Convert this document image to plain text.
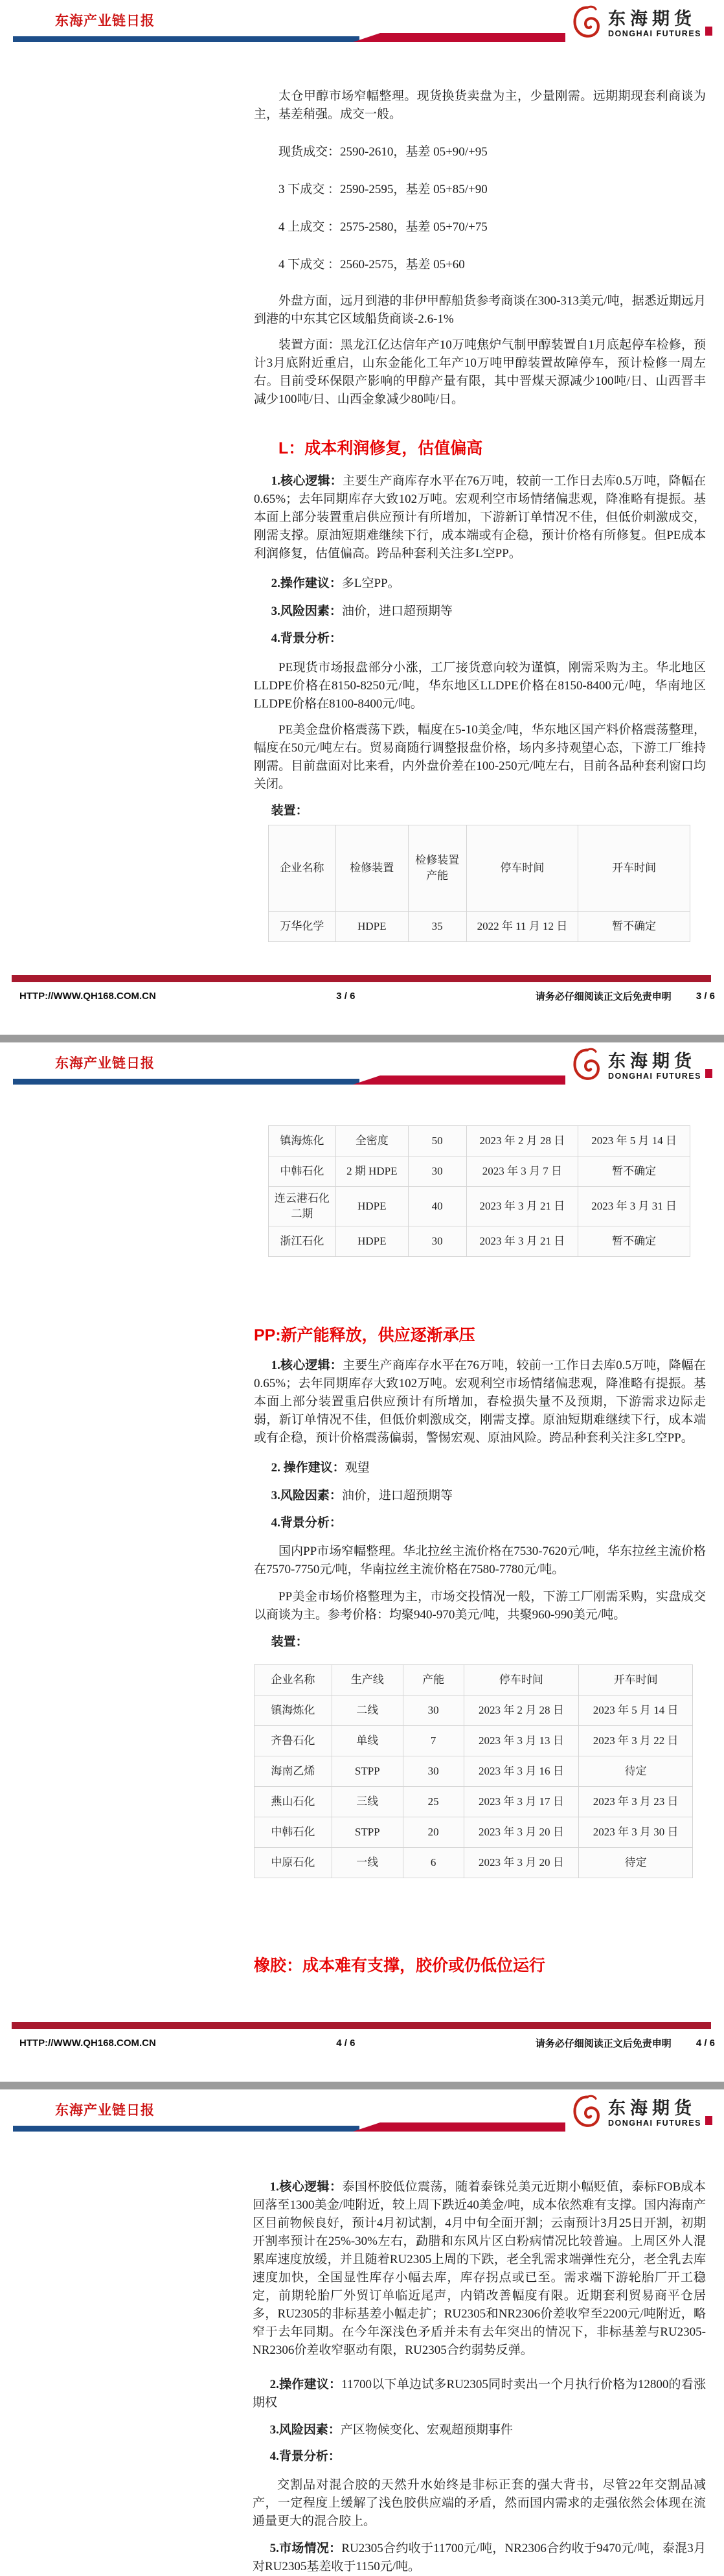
东海产业链日报	东海期货
DONGHAI FUTURES

太仓甲醇市场窄幅整理。现货换货卖盘为主，少量刚需。远期期现套利商谈为主，基差稍强。成交一般。

现货成交：2590-2610，基差 05+90/+95

3 下成交 ：2590-2595，基差 05+85/+90

4 上成交 ：2575-2580，基差 05+70/+75

4 下成交 ：2560-2575，基差 05+60

外盘方面，远月到港的非伊甲醇船货参考商谈在300-313美元/吨，据悉近期远月到港的中东其它区域船货商谈-2.6-1%

装置方面：黑龙江亿达信年产10万吨焦炉气制甲醇装置自1月底起停车检修，预计3月底附近重启，山东金能化工年产10万吨甲醇装置故障停车，预计检修一周左右。目前受环保限产影响的甲醇产量有限，其中晋煤天源减少100吨/日、山西晋丰减少100吨/日、山西金象减少80吨/日。

L：成本利润修复，估值偏高

1.核心逻辑：主要生产商库存水平在76万吨，较前一工作日去库0.5万吨，降幅在0.65%；去年同期库存大致102万吨。宏观利空市场情绪偏悲观，降准略有提振。基本面上部分装置重启供应预计有所增加，下游新订单情况不佳，但低价刺激成交，刚需支撑。原油短期难继续下行，成本端或有企稳，预计价格有所修复。但PE成本利润修复，估值偏高。跨品种套利关注多L空PP。

2.操作建议：多L空PP。

3.风险因素：油价，进口超预期等

4.背景分析：

PE现货市场报盘部分小涨，工厂接货意向较为谨慎，刚需采购为主。华北地区LLDPE价格在8150-8250元/吨，华东地区LLDPE价格在8150-8400元/吨，华南地区LLDPE价格在8100-8400元/吨。

PE美金盘价格震荡下跌，幅度在5-10美金/吨，华东地区国产料价格震荡整理，幅度在50元/吨左右。贸易商随行调整报盘价格，场内多持观望心态，下游工厂维持刚需。目前盘面对比来看，内外盘价差在100-250元/吨左右，目前各品种套利窗口均关闭。

装置：

企业名称	检修装置	检修装置产能	停车时间	开车时间
万华化学	HDPE	35	2022 年 11 月 12 日	暂不确定
HTTP://WWW.QH168.COM.CN	3 / 6	请务必仔细阅读正文后免责申明	3 / 6
东海产业链日报	东海期货
DONGHAI FUTURES
镇海炼化	全密度	50	2023 年 2 月 28 日	2023 年 5 月 14 日
中韩石化	2 期 HDPE	30	2023 年 3 月 7 日	暂不确定
连云港石化二期	HDPE	40	2023 年 3 月 21 日	2023 年 3 月 31 日
浙江石化	HDPE	30	2023 年 3 月 21 日	暂不确定
PP:新产能释放，供应逐渐承压

1.核心逻辑：主要生产商库存水平在76万吨，较前一工作日去库0.5万吨，降幅在0.65%；去年同期库存大致102万吨。宏观利空市场情绪偏悲观，降准略有提振。基本面上部分装置重启供应预计有所增加，春检损失量不及预期，下游需求边际走弱，新订单情况不佳，但低价刺激成交，刚需支撑。原油短期难继续下行，成本端或有企稳，预计价格震荡偏弱，警惕宏观、原油风险。跨品种套利关注多L空PP。

2. 操作建议：观望

3.风险因素：油价，进口超预期等

4.背景分析：

国内PP市场窄幅整理。华北拉丝主流价格在7530-7620元/吨，华东拉丝主流价格在7570-7750元/吨，华南拉丝主流价格在7580-7780元/吨。

PP美金市场价格整理为主，市场交投情况一般，下游工厂刚需采购，实盘成交以商谈为主。参考价格：均聚940-970美元/吨，共聚960-990美元/吨。

装置：

企业名称	生产线	产能	停车时间	开车时间
镇海炼化	二线	30	2023 年 2 月 28 日	2023 年 5 月 14 日
齐鲁石化	单线	7	2023 年 3 月 13 日	2023 年 3 月 22 日
海南乙烯	STPP	30	2023 年 3 月 16 日	待定
燕山石化	三线	25	2023 年 3 月 17 日	2023 年 3 月 23 日
中韩石化	STPP	20	2023 年 3 月 20 日	2023 年 3 月 30 日
中原石化	一线	6	2023 年 3 月 20 日	待定
橡胶：成本难有支撑，胶价或仍低位运行
HTTP://WWW.QH168.COM.CN	4 / 6	请务必仔细阅读正文后免责申明	4 / 6
东海产业链日报	东海期货
DONGHAI FUTURES

1.核心逻辑：泰国杯胶低位震荡，随着泰铢兑美元近期小幅贬值，泰标FOB成本回落至1300美金/吨附近，较上周下跌近40美金/吨，成本依然难有支撑。国内海南产区目前物候良好，预计4月初试割，4月中旬全面开割；云南预计3月25日开割，初期开割率预计在25%-30%左右，勐腊和东风片区白粉病情况比较普遍。上周区外人混累库速度放缓，并且随着RU2305上周的下跌，老全乳需求端弹性充分，老全乳去库速度加快，全国显性库存小幅去库，库存拐点或已至。需求端下游轮胎厂开工稳定，前期轮胎厂外贸订单临近尾声，内销改善幅度有限。近期套利贸易商平仓居多，RU2305的非标基差小幅走扩；RU2305和NR2306价差收窄至2200元/吨附近，略窄于去年同期。在今年深浅色矛盾并未有去年突出的情况下，非标基差与RU2305-NR2306价差收窄驱动有限，RU2305合约弱势反弹。

2.操作建议：11700以下单边试多RU2305同时卖出一个月执行价格为12800的看涨期权

3.风险因素：产区物候变化、宏观超预期事件

4.背景分析：

交割品对混合胶的天然升水始终是非标正套的强大背书，尽管22年交割品减产，一定程度上缓解了浅色胶供应端的矛盾，然而国内需求的走强依然会体现在流通量更大的混合胶上。

5.市场情况：RU2305合约收于11700元/吨，NR2306合约收于9470元/吨，泰混3月对RU2305基差收于1150元/吨。
